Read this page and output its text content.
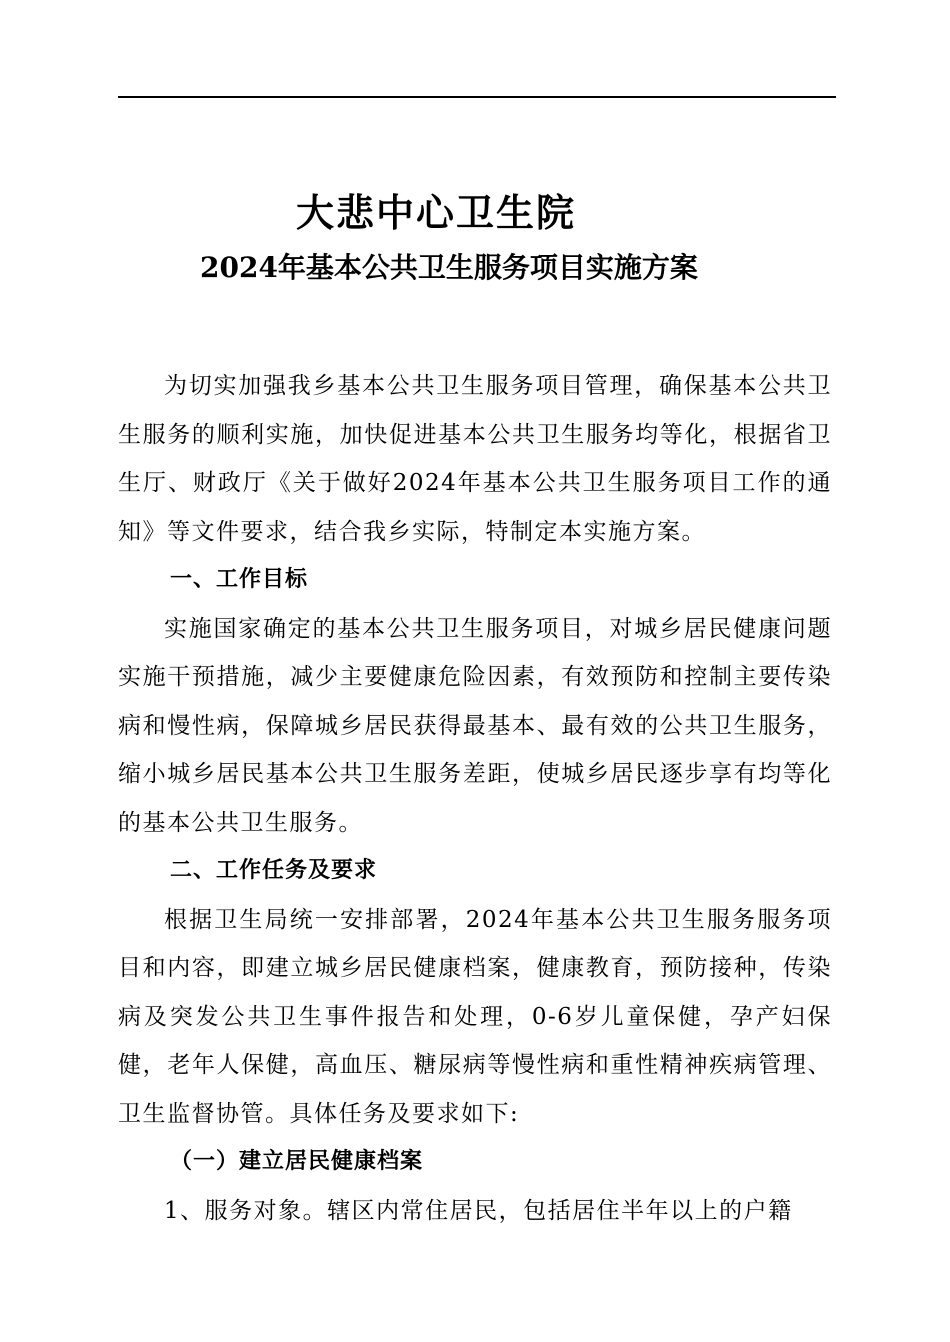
大悲中心卫生院
2024年基本公共卫生服务项目实施方案

为切实加强我乡基本公共卫生服务项目管理，确保基本公共卫生服务的顺利实施，加快促进基本公共卫生服务均等化，根据省卫生厅、财政厅《关于做好2024年基本公共卫生服务项目工作的通知》等文件要求，结合我乡实际，特制定本实施方案。

一、工作目标

实施国家确定的基本公共卫生服务项目，对城乡居民健康问题实施干预措施，减少主要健康危险因素，有效预防和控制主要传染病和慢性病，保障城乡居民获得最基本、最有效的公共卫生服务，缩小城乡居民基本公共卫生服务差距，使城乡居民逐步享有均等化的基本公共卫生服务。

二、工作任务及要求

根据卫生局统一安排部署，2024年基本公共卫生服务服务项目和内容，即建立城乡居民健康档案，健康教育，预防接种，传染病及突发公共卫生事件报告和处理，0-6岁儿童保健，孕产妇保健，老年人保健，高血压、糖尿病等慢性病和重性精神疾病管理、卫生监督协管。具体任务及要求如下:

（一）建立居民健康档案

1、服务对象。辖区内常住居民，包括居住半年以上的户籍
